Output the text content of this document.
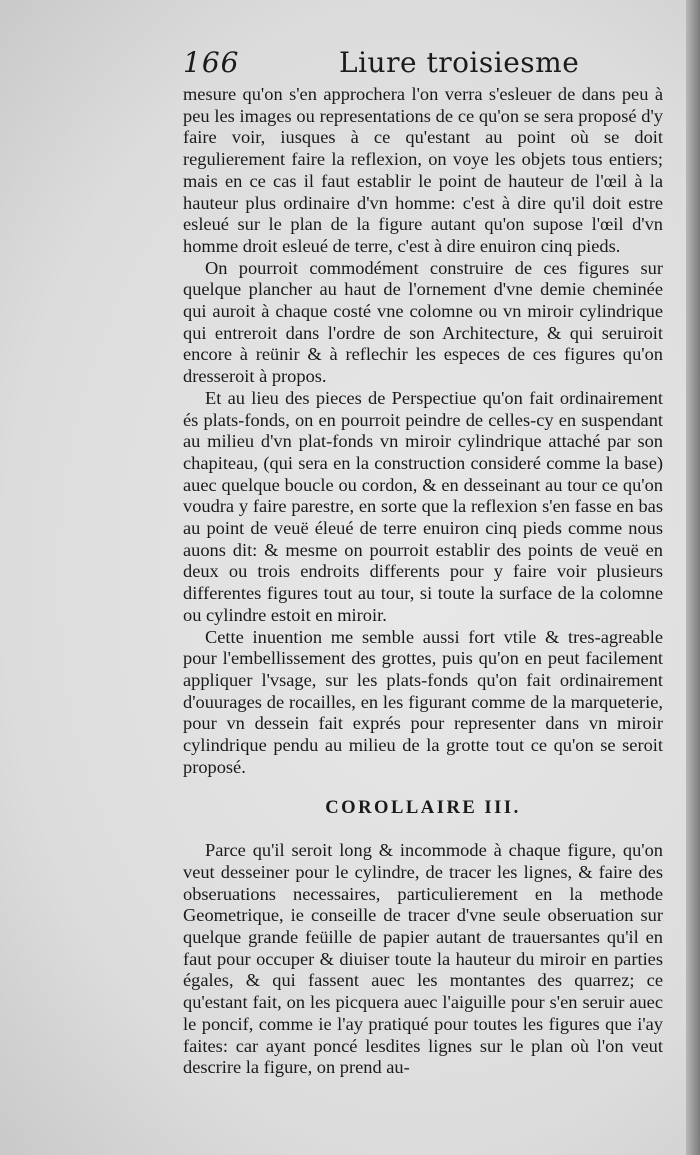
166	Liure troisiesme

mesure qu'on s'en approchera l'on verra s'esleuer de dans peu à peu les images ou representations de ce qu'on se sera proposé d'y faire voir, iusques à ce qu'estant au point où se doit regulierement faire la reflexion, on voye les objets tous entiers; mais en ce cas il faut establir le point de hauteur de l'œil à la hauteur plus ordinaire d'vn homme: c'est à dire qu'il doit estre esleué sur le plan de la figure autant qu'on supose l'œil d'vn homme droit esleué de terre, c'est à dire enuiron cinq pieds.

On pourroit commodément construire de ces figures sur quelque plancher au haut de l'ornement d'vne demie cheminée qui auroit à chaque costé vne colomne ou vn miroir cylindrique qui entreroit dans l'ordre de son Architecture, & qui seruiroit encore à reünir & à reflechir les especes de ces figures qu'on dresseroit à propos.

Et au lieu des pieces de Perspectiue qu'on fait ordinairement és plats-fonds, on en pourroit peindre de celles-cy en suspendant au milieu d'vn plat-fonds vn miroir cylindrique attaché par son chapiteau, (qui sera en la construction consideré comme la base) auec quelque boucle ou cordon, & en desseinant au tour ce qu'on voudra y faire parestre, en sorte que la reflexion s'en fasse en bas au point de veuë éleué de terre enuiron cinq pieds comme nous auons dit: & mesme on pourroit establir des points de veuë en deux ou trois endroits differents pour y faire voir plusieurs differentes figures tout au tour, si toute la surface de la colomne ou cylindre estoit en miroir.

Cette inuention me semble aussi fort vtile & tres-agreable pour l'embellissement des grottes, puis qu'on en peut facilement appliquer l'vsage, sur les plats-fonds qu'on fait ordinairement d'ouurages de rocailles, en les figurant comme de la marqueterie, pour vn dessein fait exprés pour representer dans vn miroir cylindrique pendu au milieu de la grotte tout ce qu'on se seroit proposé.

COROLLAIRE III.

Parce qu'il seroit long & incommode à chaque figure, qu'on veut desseiner pour le cylindre, de tracer les lignes, & faire des obseruations necessaires, particulierement en la methode Geometrique, ie conseille de tracer d'vne seule obseruation sur quelque grande feüille de papier autant de trauersantes qu'il en faut pour occuper & diuiser toute la hauteur du miroir en parties égales, & qui fassent auec les montantes des quarrez; ce qu'estant fait, on les picquera auec l'aiguille pour s'en seruir auec le poncif, comme ie l'ay pratiqué pour toutes les figures que i'ay faites: car ayant poncé lesdites lignes sur le plan où l'on veut descrire la figure, on prend au-
